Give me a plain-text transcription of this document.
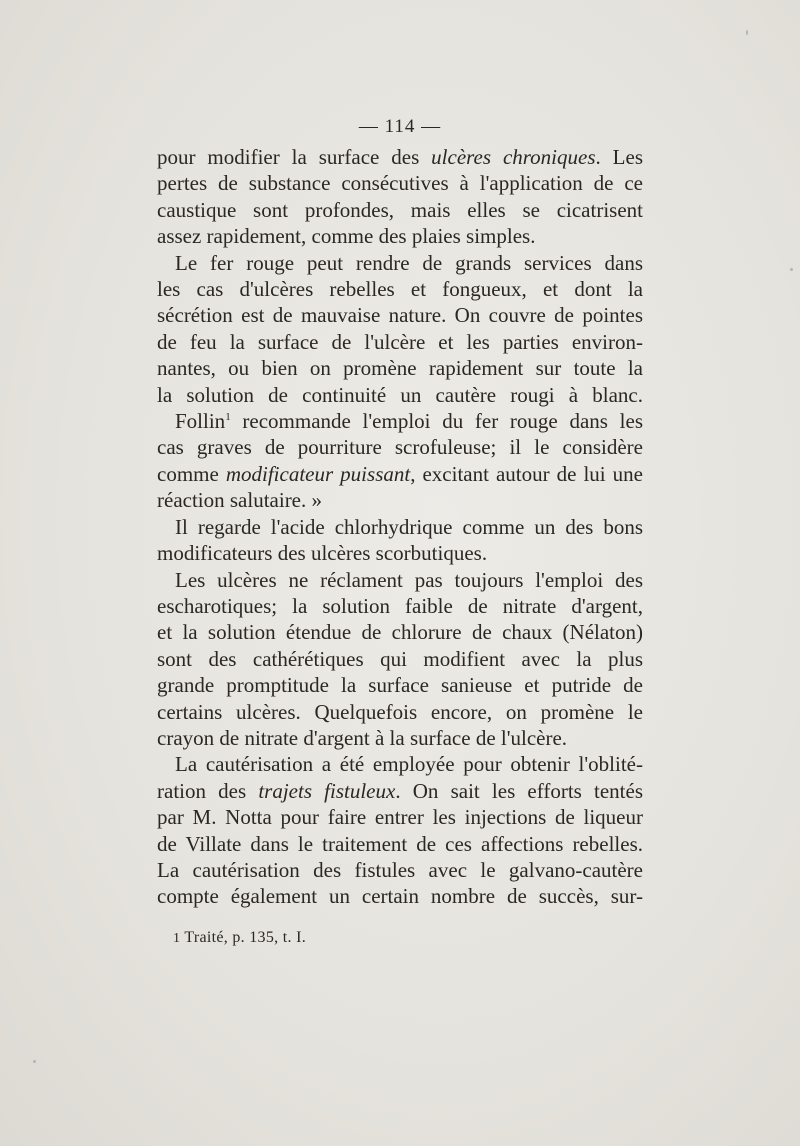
— 114 —
pour modifier la surface des ulcères chroniques. Les
pertes de substance consécutives à l'application de ce
caustique sont profondes, mais elles se cicatrisent
assez rapidement, comme des plaies simples.
Le fer rouge peut rendre de grands services dans
les cas d'ulcères rebelles et fongueux, et dont la
sécrétion est de mauvaise nature. On couvre de pointes
de feu la surface de l'ulcère et les parties environ-
nantes, ou bien on promène rapidement sur toute la
la solution de continuité un cautère rougi à blanc.
Follin$^1$ recommande l'emploi du fer rouge dans les
cas graves de pourriture scrofuleuse; il le considère
comme modificateur puissant, excitant autour de lui une
réaction salutaire. »
Il regarde l'acide chlorhydrique comme un des bons
modificateurs des ulcères scorbutiques.
Les ulcères ne réclament pas toujours l'emploi des
escharotiques; la solution faible de nitrate d'argent,
et la solution étendue de chlorure de chaux (Nélaton)
sont des cathérétiques qui modifient avec la plus
grande promptitude la surface sanieuse et putride de
certains ulcères. Quelquefois encore, on promène le
crayon de nitrate d'argent à la surface de l'ulcère.
La cautérisation a été employée pour obtenir l'oblité-
ration des trajets fistuleux. On sait les efforts tentés
par M. Notta pour faire entrer les injections de liqueur
de Villate dans le traitement de ces affections rebelles.
La cautérisation des fistules avec le galvano-cautère
compte également un certain nombre de succès, sur-
1 Traité, p. 135, t. I.
